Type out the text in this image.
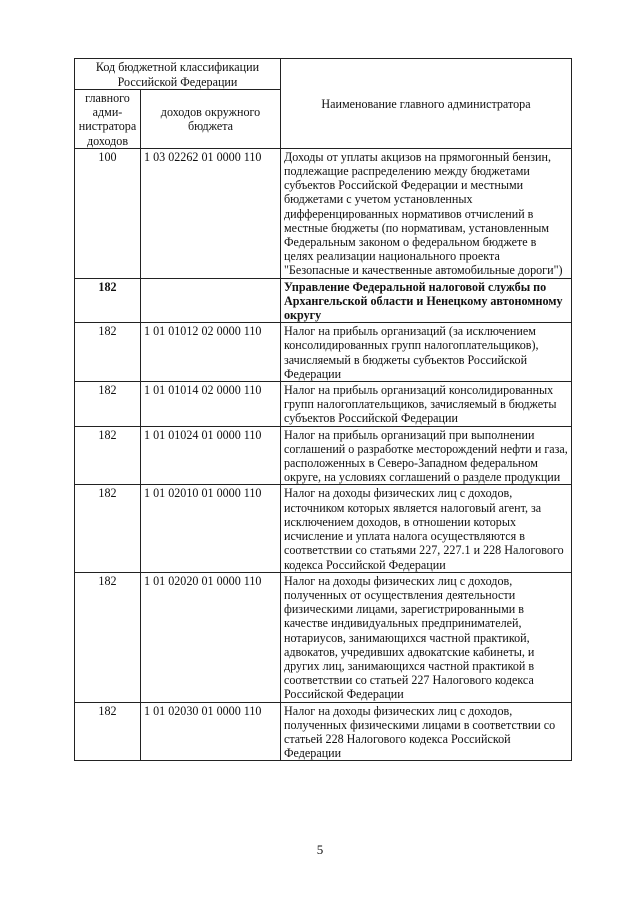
Код бюджетной классификации Российской Федерации		Наименование главного администратора
главного адми-нистратора доходов	доходов окружного бюджета	
100	1 03 02262 01 0000 110	Доходы от уплаты акцизов на прямогонный бензин, подлежащие распределению между бюджетами субъектов Российской Федерации и местными бюджетами с учетом установленных дифференцированных нормативов отчислений в местные бюджеты (по нормативам, установленным Федеральным законом о федеральном бюджете в целях реализации национального проекта "Безопасные и качественные автомобильные дороги")
182		Управление Федеральной налоговой службы по Архангельской области и Ненецкому автономному округу
182	1 01 01012 02 0000 110	Налог на прибыль организаций (за исключением консолидированных групп налогоплательщиков), зачисляемый в бюджеты субъектов Российской Федерации
182	1 01 01014 02 0000 110	Налог на прибыль организаций консолидированных групп налогоплательщиков, зачисляемый в бюджеты субъектов Российской Федерации
182	1 01 01024 01 0000 110	Налог на прибыль организаций при выполнении соглашений о разработке месторождений нефти и газа, расположенных в Северо-Западном федеральном округе, на условиях соглашений о разделе продукции
182	1 01 02010 01 0000 110	Налог на доходы физических лиц с доходов, источником которых является налоговый агент, за исключением доходов, в отношении которых исчисление и уплата налога осуществляются в соответствии со статьями 227, 227.1 и 228 Налогового кодекса Российской Федерации
182	1 01 02020 01 0000 110	Налог на доходы физических лиц с доходов, полученных от осуществления деятельности физическими лицами, зарегистрированными в качестве индивидуальных предпринимателей, нотариусов, занимающихся частной практикой, адвокатов, учредивших адвокатские кабинеты, и других лиц, занимающихся частной практикой в соответствии со статьей 227 Налогового кодекса Российской Федерации
182	1 01 02030 01 0000 110	Налог на доходы физических лиц с доходов, полученных физическими лицами в соответствии со статьей 228 Налогового кодекса Российской Федерации
5
